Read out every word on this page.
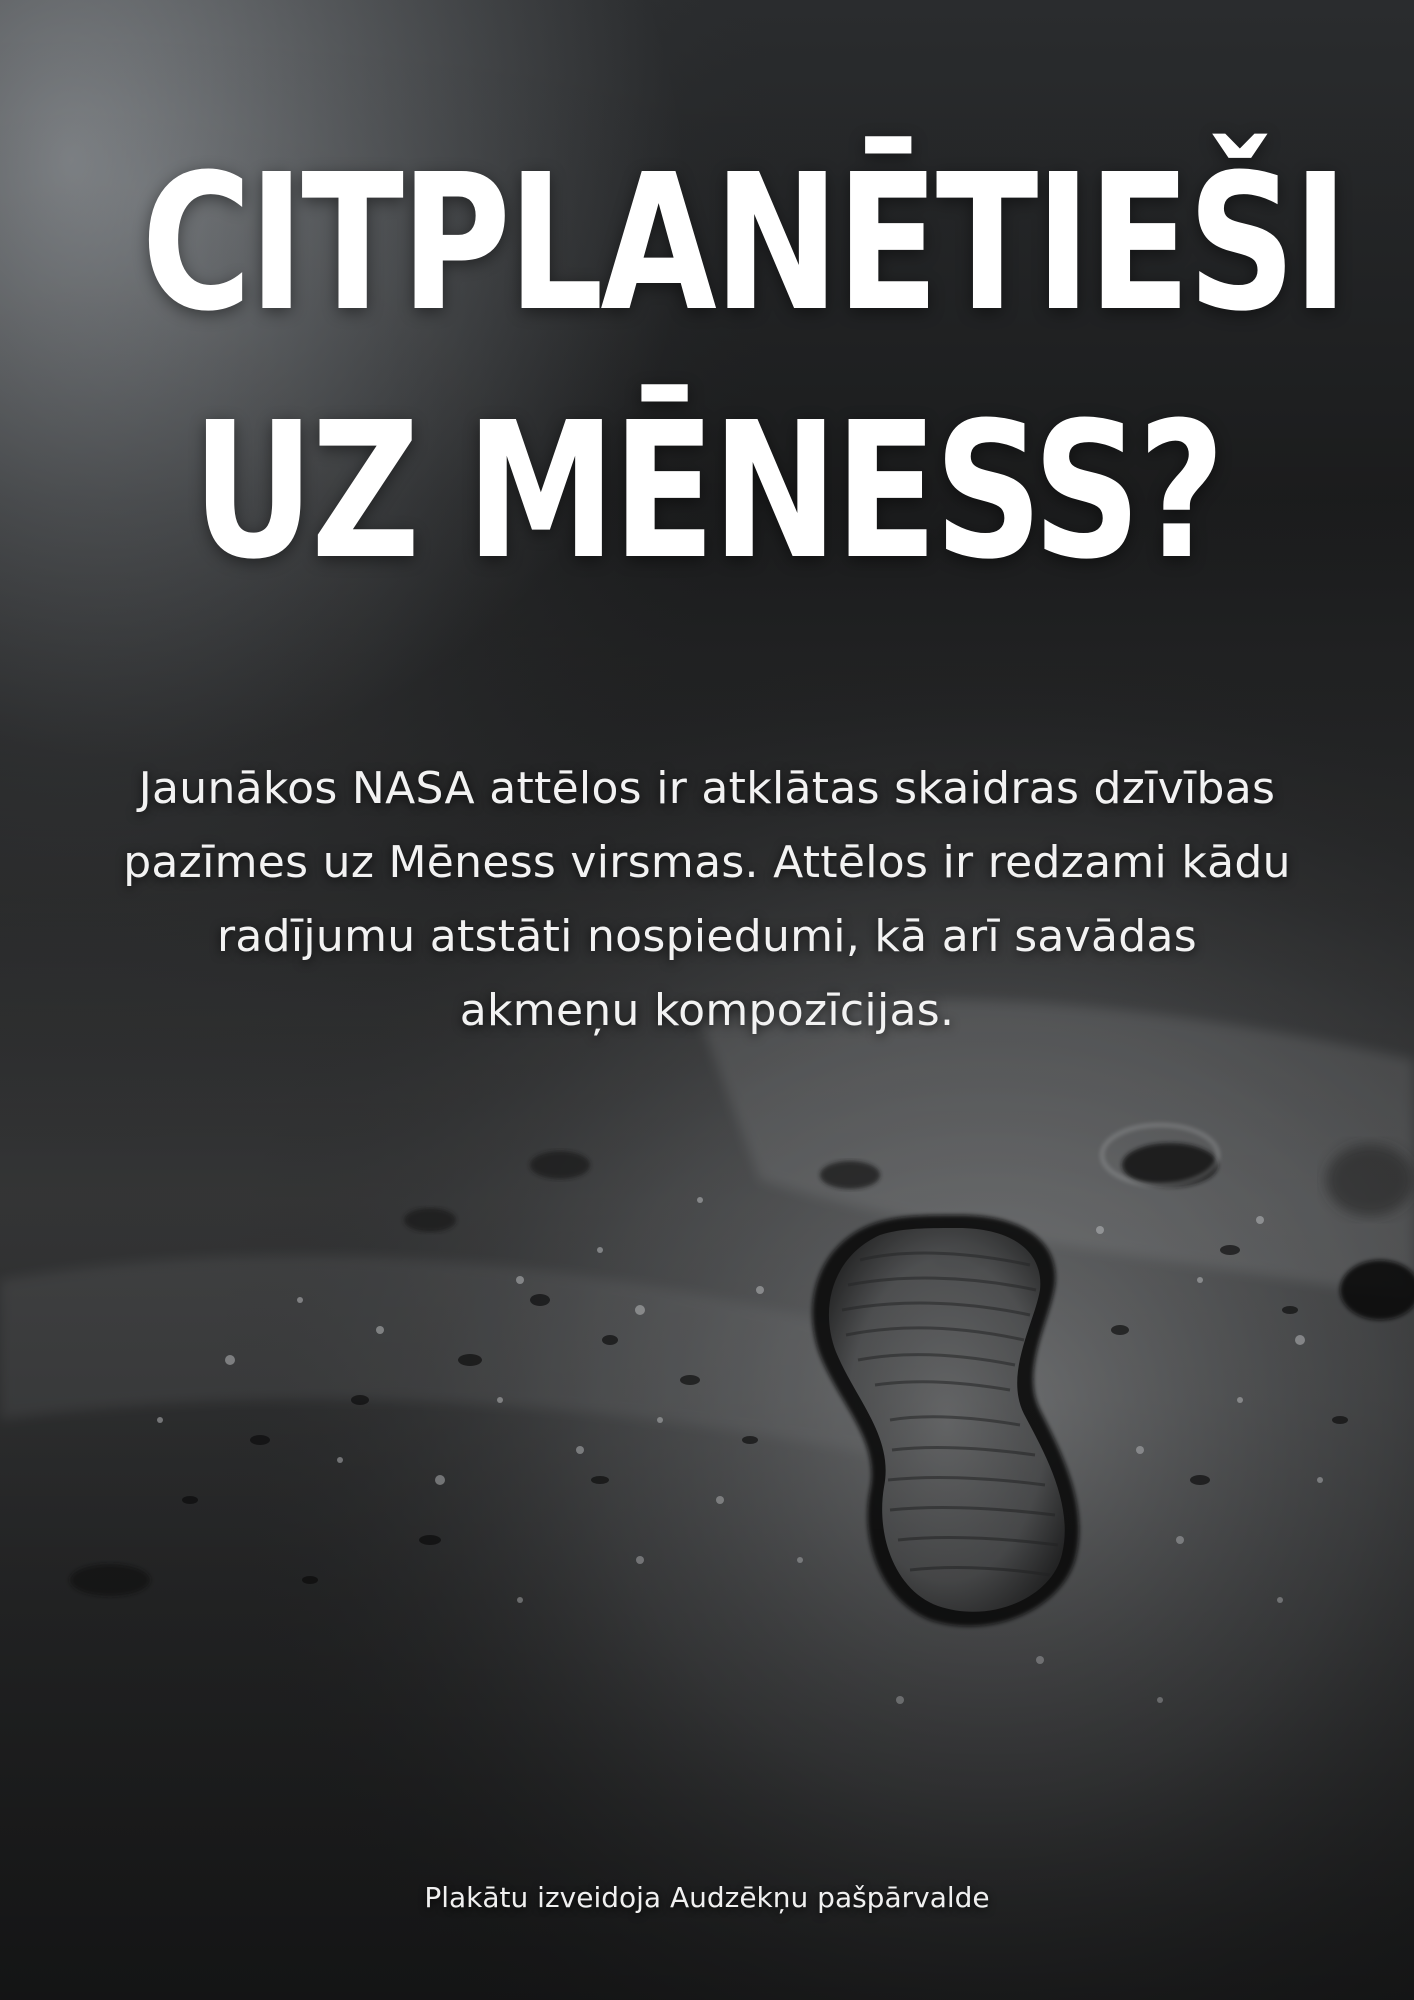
CITPLANĒTIEŠI
UZ MĒNESS?

Jaunākos NASA attēlos ir atklātas skaidras dzīvības pazīmes uz Mēness virsmas. Attēlos ir redzami kādu radījumu atstāti nospiedumi, kā arī savādas akmeņu kompozīcijas.

Plakātu izveidoja Audzēkņu pašpārvalde
